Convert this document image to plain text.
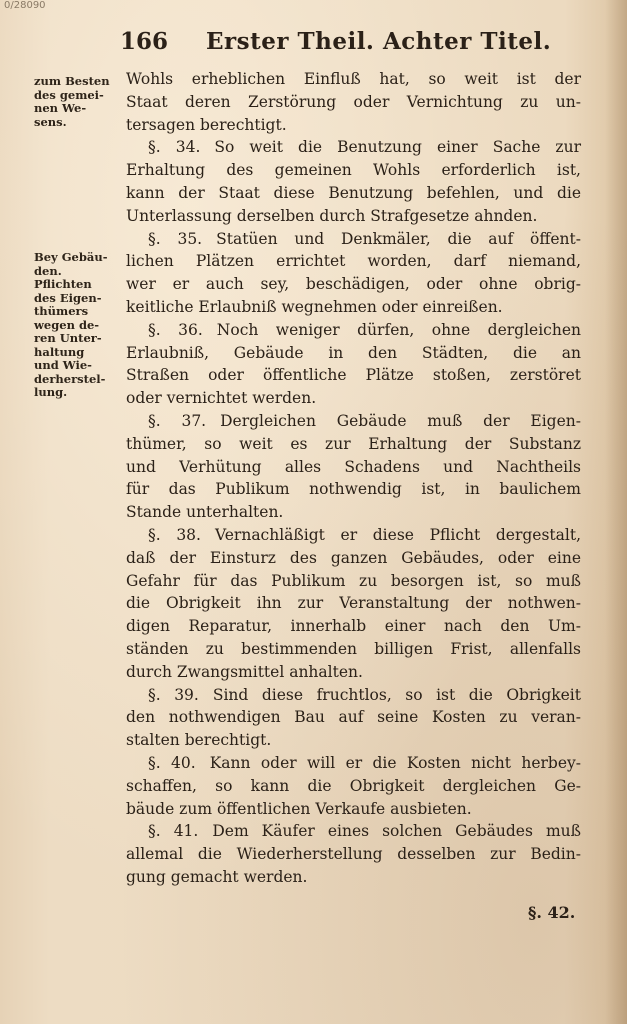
0/28090
166 Erster Theil. Achter Titel.
zum Besten
des gemei-
nen We-
sens.
Bey Gebäu-
den.
Pflichten
des Eigen-
thümers
wegen de-
ren Unter-
haltung
und Wie-
derherstel-
lung.
Wohls erheblichen Einfluß hat, so weit ist der
Staat deren Zerstörung oder Vernichtung zu un-
tersagen berechtigt.
§. 34. So weit die Benutzung einer Sache zur
Erhaltung des gemeinen Wohls erforderlich ist,
kann der Staat diese Benutzung befehlen, und die
Unterlassung derselben durch Strafgesetze ahnden.
§. 35. Statüen und Denkmäler, die auf öffent-
lichen Plätzen errichtet worden, darf niemand,
wer er auch sey, beschädigen, oder ohne obrig-
keitliche Erlaubniß wegnehmen oder einreißen.
§. 36. Noch weniger dürfen, ohne dergleichen
Erlaubniß, Gebäude in den Städten, die an
Straßen oder öffentliche Plätze stoßen, zerstöret
oder vernichtet werden.
§. 37. Dergleichen Gebäude muß der Eigen-
thümer, so weit es zur Erhaltung der Substanz
und Verhütung alles Schadens und Nachtheils
für das Publikum nothwendig ist, in baulichem
Stande unterhalten.
§. 38. Vernachläßigt er diese Pflicht dergestalt,
daß der Einsturz des ganzen Gebäudes, oder eine
Gefahr für das Publikum zu besorgen ist, so muß
die Obrigkeit ihn zur Veranstaltung der nothwen-
digen Reparatur, innerhalb einer nach den Um-
ständen zu bestimmenden billigen Frist, allenfalls
durch Zwangsmittel anhalten.
§. 39. Sind diese fruchtlos, so ist die Obrigkeit
den nothwendigen Bau auf seine Kosten zu veran-
stalten berechtigt.
§. 40. Kann oder will er die Kosten nicht herbey-
schaffen, so kann die Obrigkeit dergleichen Ge-
bäude zum öffentlichen Verkaufe ausbieten.
§. 41. Dem Käufer eines solchen Gebäudes muß
allemal die Wiederherstellung desselben zur Bedin-
gung gemacht werden.
§. 42.
